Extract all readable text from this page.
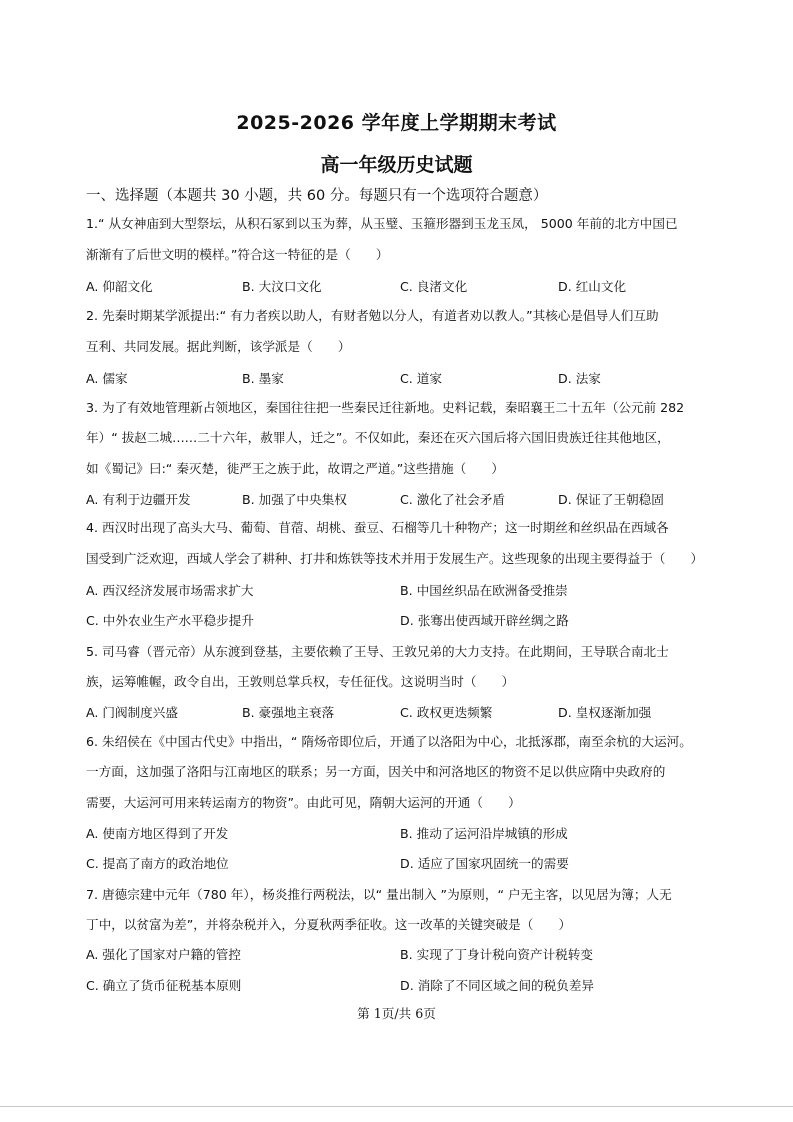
2025-2026 学年度上学期期末考试
高一年级历史试题
一、选择题（本题共 30 小题，共 60 分。每题只有一个选项符合题意）
1.“ 从女神庙到大型祭坛，从积石冢到以玉为葬，从玉璧、玉箍形器到玉龙玉凤， 5000 年前的北方中国已
渐渐有了后世文明的模样。”符合这一特征的是（　　）
A. 仰韶文化	B. 大汶口文化	C. 良渚文化	D. 红山文化
2. 先秦时期某学派提出:“ 有力者疾以助人，有财者勉以分人，有道者劝以教人。”其核心是倡导人们互助
互利、共同发展。据此判断，该学派是（　　）
A. 儒家	B. 墨家	C. 道家	D. 法家
3. 为了有效地管理新占领地区，秦国往往把一些秦民迁往新地。史料记载，秦昭襄王二十五年（公元前 282
年）“ 拔赵二城……二十六年，赦罪人，迁之”。不仅如此，秦还在灭六国后将六国旧贵族迁往其他地区，
如《蜀记》曰:“ 秦灭楚，徙严王之族于此，故谓之严道。”这些措施（　　）
A. 有利于边疆开发	B. 加强了中央集权	C. 激化了社会矛盾	D. 保证了王朝稳固
4. 西汉时出现了高头大马、葡萄、苜蓿、胡桃、蚕豆、石榴等几十种物产；这一时期丝和丝织品在西域各
国受到广泛欢迎，西域人学会了耕种、打井和炼铁等技术并用于发展生产。这些现象的出现主要得益于（　　）
A. 西汉经济发展市场需求扩大	B. 中国丝织品在欧洲备受推崇
C. 中外农业生产水平稳步提升	D. 张骞出使西域开辟丝绸之路
5. 司马睿（晋元帝）从东渡到登基，主要依赖了王导、王敦兄弟的大力支持。在此期间，王导联合南北士
族，运筹帷幄，政令自出，王敦则总掌兵权，专任征伐。这说明当时（　　）
A. 门阀制度兴盛	B. 豪强地主衰落	C. 政权更迭频繁	D. 皇权逐渐加强
6. 朱绍侯在《中国古代史》中指出，“ 隋炀帝即位后，开通了以洛阳为中心，北抵涿郡，南至余杭的大运河。
一方面，这加强了洛阳与江南地区的联系；另一方面，因关中和河洛地区的物资不足以供应隋中央政府的
需要，大运河可用来转运南方的物资”。由此可见，隋朝大运河的开通（　　）
A. 使南方地区得到了开发	B. 推动了运河沿岸城镇的形成
C. 提高了南方的政治地位	D. 适应了国家巩固统一的需要
7. 唐德宗建中元年（780 年），杨炎推行两税法，以“ 量出制入 ”为原则，“ 户无主客，以见居为簿；人无
丁中，以贫富为差”，并将杂税并入，分夏秋两季征收。这一改革的关键突破是（　　）
A. 强化了国家对户籍的管控	B. 实现了丁身计税向资产计税转变
C. 确立了货币征税基本原则	D. 消除了不同区域之间的税负差异
第 1页/共 6页
